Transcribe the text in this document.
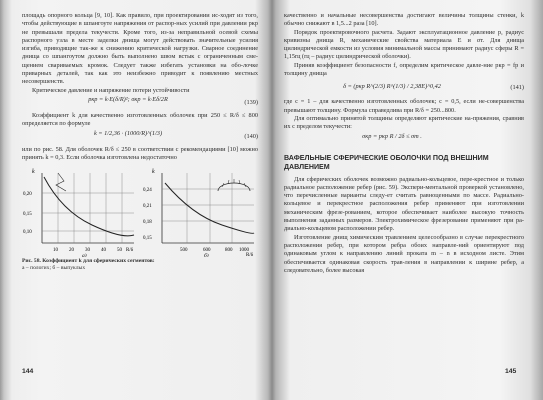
площадь опорного кольца [9, 10]. Как правило, при проектировании ис-ходят из того, чтобы действующие в шпангоуте напряжения от распор-ных усилий при давлении pкр не превышали предела текучести. Кроме того, из-за неправильной осевой схемы распорного узла в месте заделки днища могут действовать значительные усилия изгиба, приводящие так-же к снижению критической нагрузки. Сварное соединение днища со шпангоутом должно быть выполнено швом встык с ограниченным сме-щением свариваемых кромок. Следует также избегать установки на обо-лочке приварных деталей, так как это неизбежно приводит к появлению местных несовершенств.

Критическое давление и напряжение потери устойчивости

pкр = k·E(δ/R)²; σкр = k·Eδ/2R	(139)

Коэффициент k для качественно изготовленных оболочек при 250 ≤ R/δ ≤ 800 определяется по формуле

k = 1/2,36 · (1000/R)^(1/3)	(140)

или по рис. 58. Для оболочек R/δ ≤ 250 в соответствии с рекомендациями [10] можно принять k = 0,3. Если оболочка изготовлена недостаточно

k
0,20
0,15
0,10
10 20 30 40 50 R/δ
а)
k
0,24
0,21
0,18
0,15
500	600	800 1000
R/δ
б)
Рис. 58. Коэффициент k для сферических сегментов:
а – пологих; б – выпуклых
144

качественно и начальные несовершенства достигают величины толщины стенки, k обычно снижают в 1,5...2 раза [10].

Порядок проектировочного расчета. Задают эксплуатационное давление p, радиус кривизны днища R, механические свойства материала E и σт. Для днища цилиндрической емкости из условия минимальной массы принимают радиус сферы R = 1,15rц (rц – радиус цилиндрической оболочки).

Приняв коэффициент безопасности f, определим критическое давле-ние pкр = fp и толщину днища

δ = (pкр R^(2/3) R^(1/3) / 2,38E)^0,42	(141)

где c = 1 – для качественно изготовленных оболочек; c = 0,5, если не-совершенства превышают толщину. Формула справедлива при R/δ = 250...800.

Для оптимально принятой толщины определяют критические на-пряжения, сравнив их с пределом текучести:

σкр = pкр R / 2δ ≤ σт .
ВАФЕЛЬНЫЕ СФЕРИЧЕСКИЕ ОБОЛОЧКИ ПОД ВНЕШНИМ ДАВЛЕНИЕМ

Для сферических оболочек возможно радиально-кольцевое, пере-крестное и только радиальное расположение ребер (рис. 59). Экспери-ментальной проверкой установлено, что перечисленные варианты следу-ет считать равноценными по массе. Радиально-кольцевое и перекрестное расположения ребер применяют при изготовлении механическим фрезе-рованием, которое обеспечивает наиболее высокую точность выполнения заданных размеров. Электрохимическое фрезерование применяют при ра-диально-кольцевом расположении ребер.

Изготовление днищ химическим травлением целесообразно в случае перекрестного расположения ребер, при котором ребра обоих направле-ний ориентируют под одинаковым углом к направлению линий проката m – n в исходном листе. Этим обеспечивается одинаковая скорость трав-ления в направлении к ширине ребер, а следовательно, более высокая

145
